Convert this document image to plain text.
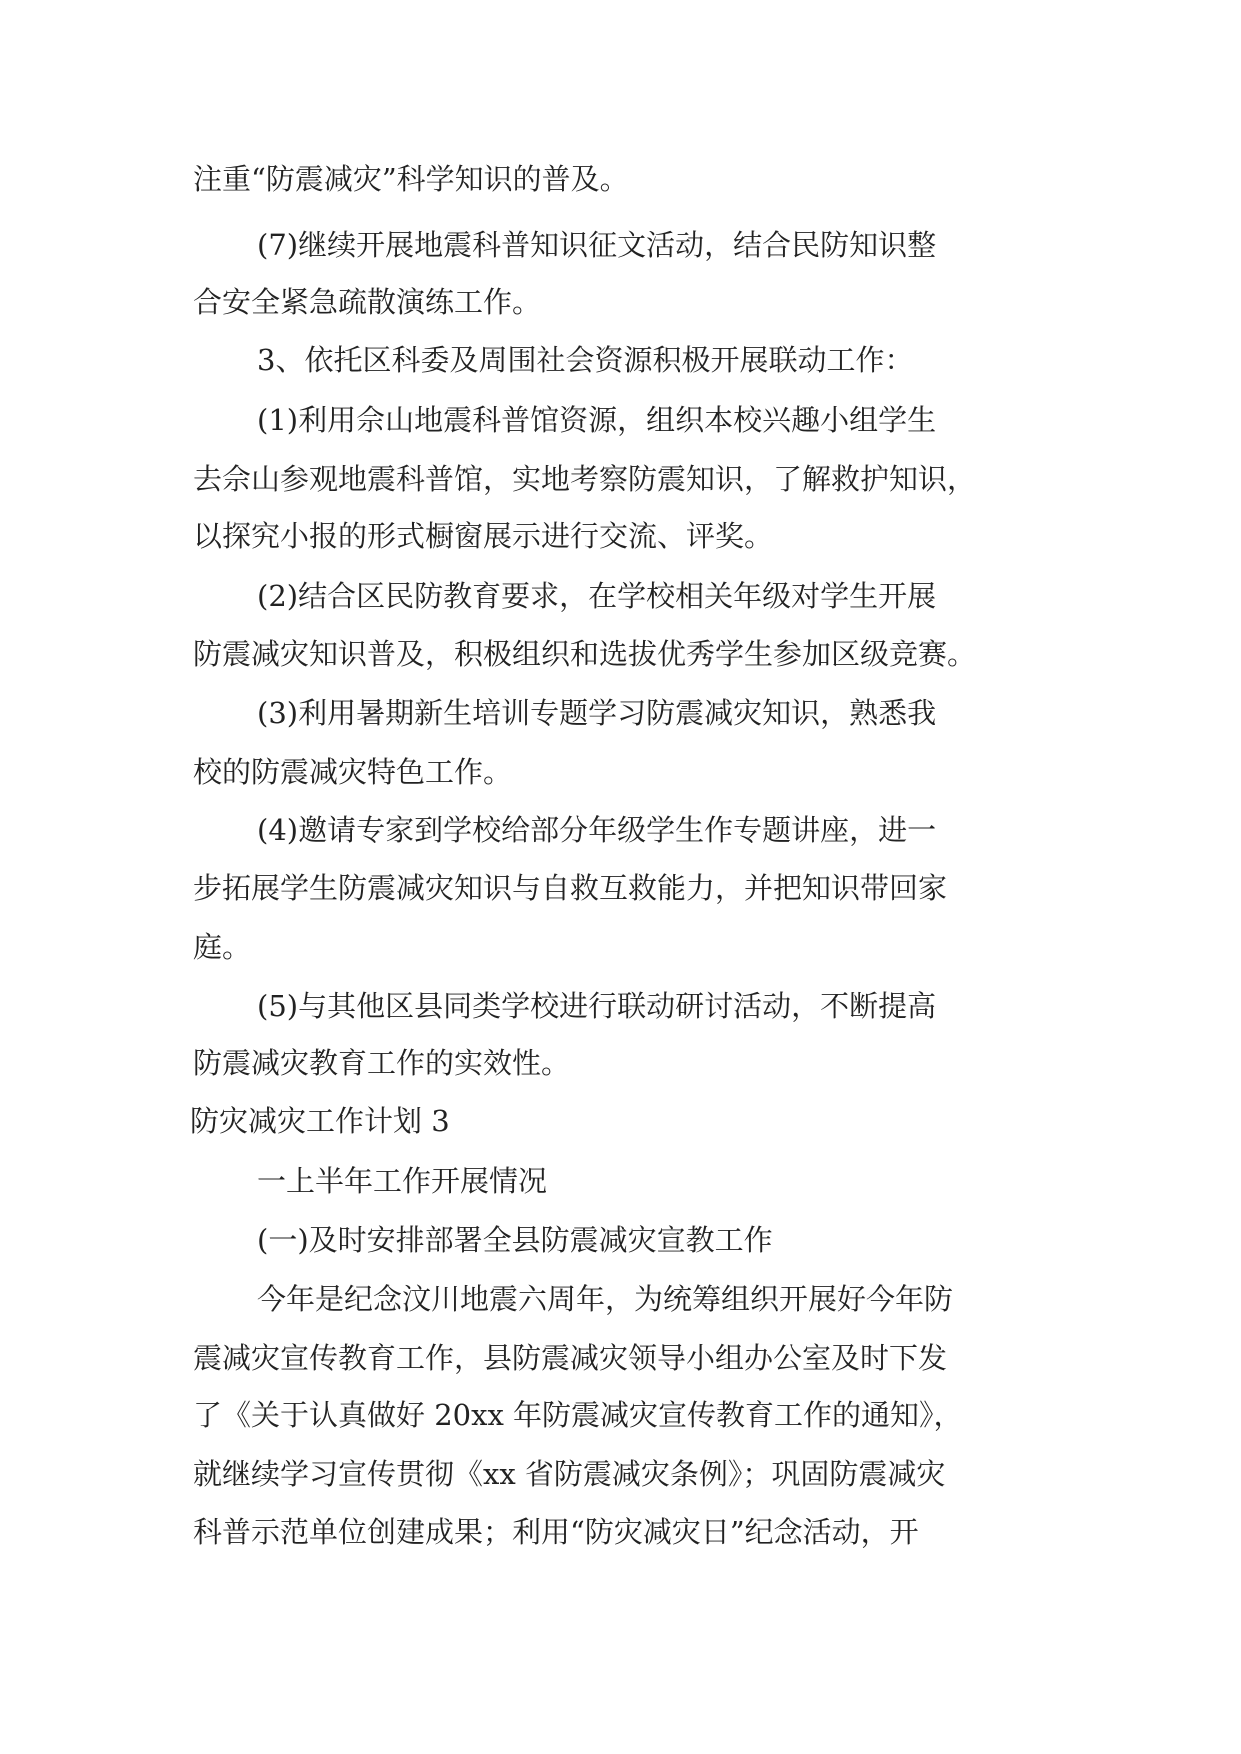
注重“防震减灾”科学知识的普及。
(7)继续开展地震科普知识征文活动，结合民防知识整
合安全紧急疏散演练工作。
3、依托区科委及周围社会资源积极开展联动工作：
(1)利用佘山地震科普馆资源，组织本校兴趣小组学生
去佘山参观地震科普馆，实地考察防震知识，了解救护知识，
以探究小报的形式橱窗展示进行交流、评奖。
(2)结合区民防教育要求，在学校相关年级对学生开展
防震减灾知识普及，积极组织和选拔优秀学生参加区级竞赛。
(3)利用暑期新生培训专题学习防震减灾知识，熟悉我
校的防震减灾特色工作。
(4)邀请专家到学校给部分年级学生作专题讲座，进一
步拓展学生防震减灾知识与自救互救能力，并把知识带回家
庭。
(5)与其他区县同类学校进行联动研讨活动，不断提高
防震减灾教育工作的实效性。
防灾减灾工作计划 3
一上半年工作开展情况
(一)及时安排部署全县防震减灾宣教工作
今年是纪念汶川地震六周年，为统筹组织开展好今年防
震减灾宣传教育工作，县防震减灾领导小组办公室及时下发
了《关于认真做好 20xx 年防震减灾宣传教育工作的通知》，
就继续学习宣传贯彻《xx 省防震减灾条例》；巩固防震减灾
科普示范单位创建成果；利用“防灾减灾日”纪念活动，开
